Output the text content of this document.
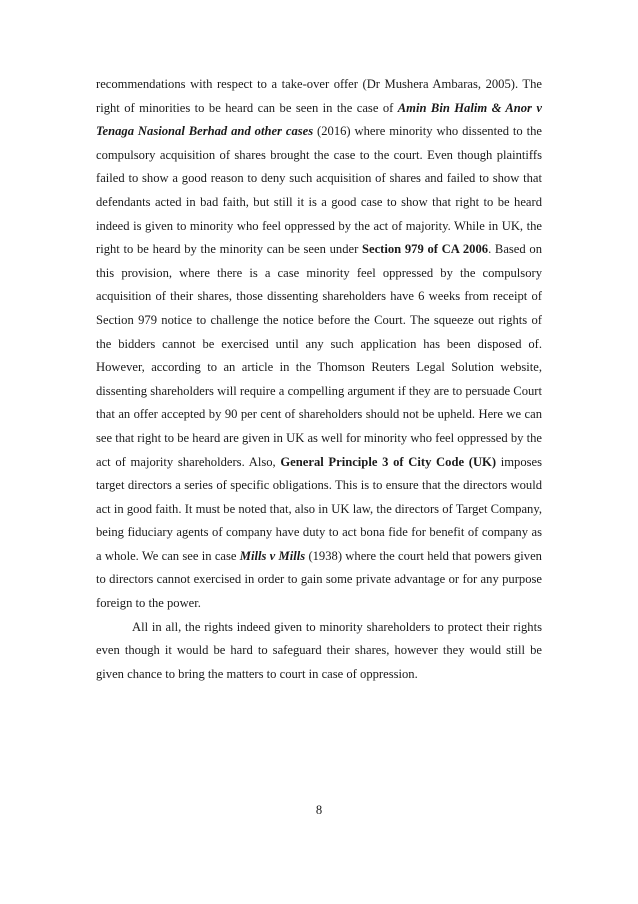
recommendations with respect to a take-over offer (Dr Mushera Ambaras, 2005). The right of minorities to be heard can be seen in the case of Amin Bin Halim & Anor v Tenaga Nasional Berhad and other cases (2016) where minority who dissented to the compulsory acquisition of shares brought the case to the court. Even though plaintiffs failed to show a good reason to deny such acquisition of shares and failed to show that defendants acted in bad faith, but still it is a good case to show that right to be heard indeed is given to minority who feel oppressed by the act of majority. While in UK, the right to be heard by the minority can be seen under Section 979 of CA 2006. Based on this provision, where there is a case minority feel oppressed by the compulsory acquisition of their shares, those dissenting shareholders have 6 weeks from receipt of Section 979 notice to challenge the notice before the Court. The squeeze out rights of the bidders cannot be exercised until any such application has been disposed of. However, according to an article in the Thomson Reuters Legal Solution website, dissenting shareholders will require a compelling argument if they are to persuade Court that an offer accepted by 90 per cent of shareholders should not be upheld. Here we can see that right to be heard are given in UK as well for minority who feel oppressed by the act of majority shareholders. Also, General Principle 3 of City Code (UK) imposes target directors a series of specific obligations. This is to ensure that the directors would act in good faith. It must be noted that, also in UK law, the directors of Target Company, being fiduciary agents of company have duty to act bona fide for benefit of company as a whole. We can see in case Mills v Mills (1938) where the court held that powers given to directors cannot exercised in order to gain some private advantage or for any purpose foreign to the power.

All in all, the rights indeed given to minority shareholders to protect their rights even though it would be hard to safeguard their shares, however they would still be given chance to bring the matters to court in case of oppression.

8
